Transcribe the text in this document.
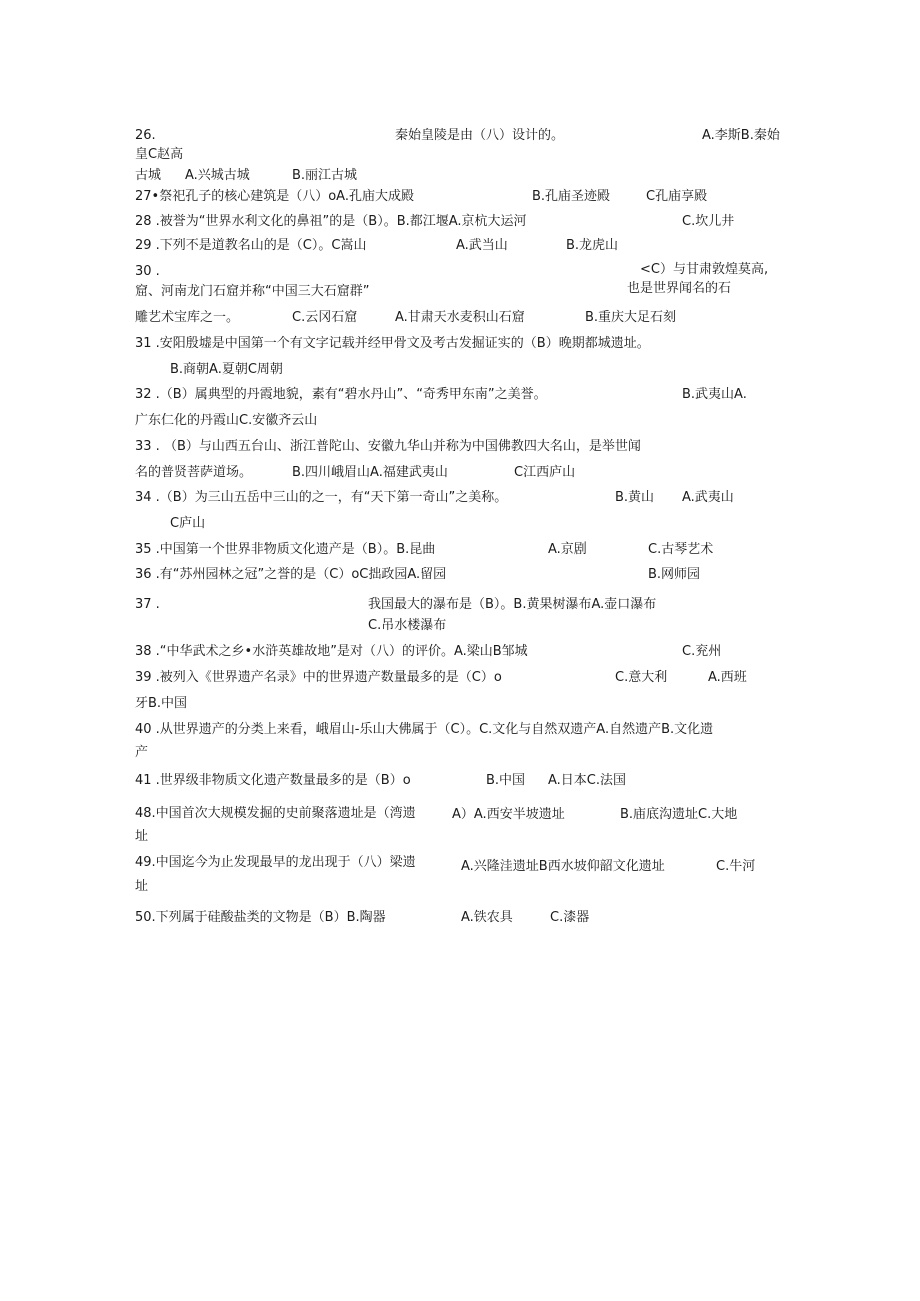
26.	秦始皇陵是由（八）设计的。	A.李斯B.秦始
皇C赵高
古城 A.兴城古城	B.丽江古城
27•祭祀孔子的核心建筑是（八）oA.孔庙大成殿	B.孔庙圣迹殿	C孔庙享殿
28 .被誉为“世界水利文化的鼻祖”的是（B）。B.都江堰A.京杭大运河	C.坎儿井
29 .下列不是道教名山的是（C）。C嵩山	A.武当山	B.龙虎山
30 .	<C）与甘肃敦煌莫高,
窟、河南龙门石窟并称“中国三大石窟群”	也是世界闻名的石
雕艺术宝库之一。	C.云冈石窟	A.甘肃天水麦积山石窟	B.重庆大足石刻
31 .安阳殷墟是中国第一个有文字记载并经甲骨文及考古发掘证实的（B）晚期都城遗址。
B.商朝A.夏朝C周朝
32 .（B）属典型的丹霞地貌，素有“碧水丹山”、“奇秀甲东南”之美誉。	B.武夷山A.
广东仁化的丹霞山C.安徽齐云山
33 . （B）与山西五台山、浙江普陀山、安徽九华山并称为中国佛教四大名山，是举世闻
名的普贤菩萨道场。	B.四川峨眉山A.福建武夷山	C江西庐山
34 .（B）为三山五岳中三山的之一，有“天下第一奇山”之美称。	B.黄山 A.武夷山
C庐山
35 .中国第一个世界非物质文化遗产是（B）。B.昆曲	A.京剧	C.古琴艺术
36 .有“苏州园林之冠”之誉的是（C）oC拙政园A.留园	B.网师园
37 .	我国最大的瀑布是（B）。B.黄果树瀑布A.壶口瀑布
C.吊水楼瀑布
38 .“中华武术之乡•水浒英雄故地”是对（八）的评价。A.梁山B邹城	C.兖州
39 .被列入《世界遗产名录》中的世界遗产数量最多的是（C）o	C.意大利	A.西班
牙B.中国
40 .从世界遗产的分类上来看，峨眉山-乐山大佛属于（C）。C.文化与自然双遗产A.自然遗产B.文化遗
产
41 .世界级非物质文化遗产数量最多的是（B）o	B.中国 A.日本C.法国
48.中国首次大规模发掘的史前聚落遗址是（湾遗	A）A.西安半坡遗址	B.庙底沟遗址C.大地
址
49.中国迄今为止发现最早的龙出现于（八）梁遗	A.兴隆洼遗址B西水坡仰韶文化遗址	C.牛河
址
50.下列属于硅酸盐类的文物是（B）B.陶器	A.铁农具	C.漆器
